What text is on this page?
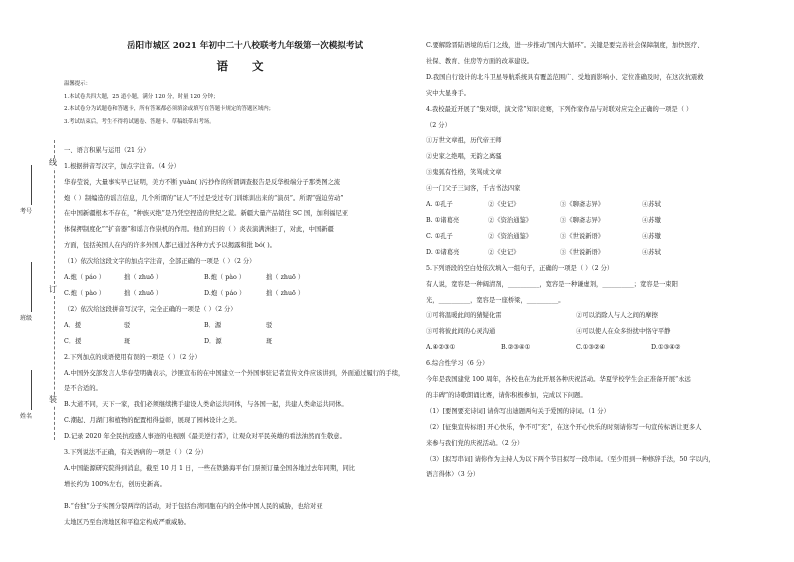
线
订
装
考号
班级
姓名
岳阳市城区 2021 年初中二十八校联考九年级第一次模拟考试
语 文
温馨提示：
1.本试卷共四大题，25 道小题，满分 120 分，时量 120 分钟；
2.本试卷分为试题卷和答题卡，所有答案都必须填涂或填写在答题卡规定的答题区域内；
3.考试结束后，考生不得将试题卷、答题卡、草稿纸带出考场。
一、语言积累与运用（21 分）
1.根据拼音写汉字，加点字注音。（4 分）
华春莹说，大量事实早已证明，美方不断 yuàn( )污抄作的所谓调查报告是反华极端分子那类图之流
炮（ ）制编造的谣言信息，几个所谓的“证人”不过是受过专门训练训出来的“演员”。所谓“强迫劳动”
在中国新疆根本不存在，“种族灭绝”是乃凭空捏造的世纪之谎。新疆大量产品销往 SC 国，加利福尼亚
体保押制度化”“扩音器”和谣言作祟机的作用。他们的目的（ ）炎表演满洲拒了，对此，中国新疆
方面，包括英国人在内的许多外国人都已通过各种方式予以揭露和批 bó( )。
（1）依次给这段文字的加点字注音，全部正确的一项是（ ）（2 分）
A.炮（ páo ）	拙（ zhuō ）	B.炮（ pào ）	拙（ zhuō ）
C.炮（ pào ）	拙（ zhuō ）	D.炮（ páo ）	拙（ zhuō ）
（2）依次给这段拼音写汉字，完全正确的一项是（ ）（2 分）
A．援	驳	B．源	驳
C．援	斑	D．源	斑
2.下列加点的成语使用有误的一项是（ ）（2 分）
A.中国外交部发言人华春莹明确表示，沙匪宣布的在中国建立一个外国事驻记者宣传文件应该讲到，外面通过履行的手续，
是不合适的。
B.大道不同，天下一家，我们必须继续携手建设人类命运共同体，与各国一起，共建人类命运共同体。
C.潮起、月湖门和植物的配置相得益彰，展现了园林设计之美。
D.记录 2020 年全民抗疫感人事迹的电视剧《最美逆行者》，让观众对平民英雄的看法油然而生敬意。
3.下列说法不正确，有关语病的一项是（ ）（2 分）
A.中国能源研究院得到消息，截至 10 月 1 日，一些在铁路海平台门票预订量全国各地过去年同期，同比
增长约为 100%左右，创历史新高。
B.“台独”分子实图分裂两岸的活动，对于包括台湾同胞在内的全体中国人民的威胁，也给对亚
太地区乃至台湾地区和平稳定构成严重威胁。
C.要解除晋陆语境的后门之线，进一步推动“国内大循环”。关键是要完善社会保障制度，加快医疗、
社保、教育、住房等方面的改革建设。
D.我国自行设计的北斗卫星导航系统具有覆盖范围广、受地面影响小、定位准确及时，在这次抗震救
灾中大显身手。
4.我校最近开展了“集对联，演文常”知识竞赛，下列作家作品与对联对应完全正确的一项是（ ）
（2 分）
①万世文章祖，历代帝王师
②史家之绝唱，无韵之离骚
③鬼狐有性格，笑骂成文章
④一门父子三词客，千古书法四家
A. ①孔子	②《史记》	③《聊斋志异》	④苏轼
B. ①诸葛亮	②《资治通鉴》	③《聊斋志异》	④苏辙
C. ①孔子	②《资治通鉴》	③《世说新语》	④苏辙
D. ①诸葛亮	②《史记》	③《世说新语》	④苏轼
5.下列语段的空白处依次填入一组句子，正确的一项是（ ）（2 分）
有人说，宽容是一种阔清剂，__________，宽容是一种谦虚剂，__________；宽容是一束阳
光，__________，宽容是一座桥梁，__________。
①可将温暖此间的猜疑化雷	②可以消除人与人之间的摩擦
③可将彼此间的心灵沟通	④可以使人在众多纷扰中恪守平静
A.④②③①	B.②③④①	C.①③②④	D.①③④②
6.综合性学习（6 分）
今年是我国建党 100 周年，各校也在为此开展各种庆祝活动。华夏学校学生会正准备开展“永远
的丰碑”的诗歌朗诵比赛，请你积极参加，完成以下问题。
（1）[要图要充诗词] 请你写出迪题两句关于爱国的诗词。（1 分）
（2）[征集宣传标语] 开心快乐，争不可“充”，在这个开心快乐的时刻请你写一句宣传标语让更多人
来参与我们党的庆祝活动。（2 分）
（3）[拟写串词] 请你作为主持人为以下两个节目拟写一段串词。（至少用到一种修辞手法，50 字以内，
语言得体）（3 分）
